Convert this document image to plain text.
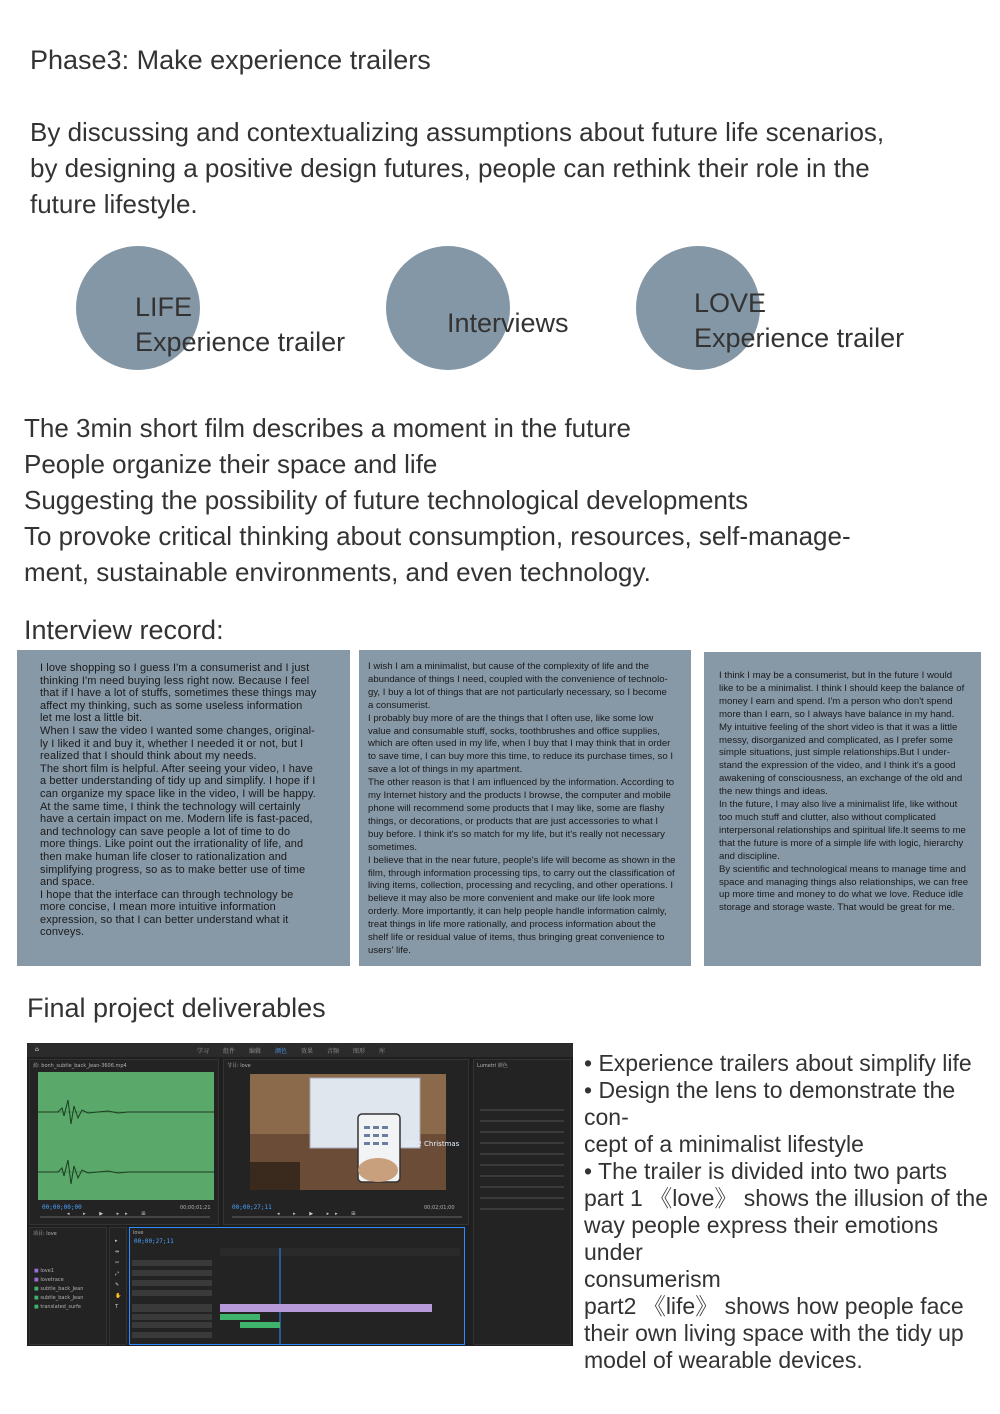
Phase3: Make experience trailers
By discussing and contextualizing assumptions about future life scenarios,
by designing a positive design futures, people can rethink their role in the
future lifestyle.
LIFE
Experience trailer
Interviews
LOVE
Experience trailer
The 3min short film describes a moment in the future
People organize their space and life
Suggesting the possibility of future technological developments
To provoke critical thinking about consumption, resources, self-manage-
ment, sustainable environments, and even technology.
Interview record:

I love shopping so I guess I'm a consumerist and I just

thinking I'm need buying less right now. Because I feel

that if I have a lot of stuffs, sometimes these things may

affect my thinking, such as some useless information

let me lost a little bit.

When I saw the video I wanted some changes, original-

ly I liked it and buy it, whether I needed it or not, but I

realized that I should think about my needs.

The short film is helpful. After seeing your video, I have

a better understanding of tidy up and simplify. I hope if I

can organize my space like in the video, I will be happy.

At the same time, I think the technology will certainly

have a certain impact on me. Modern life is fast-paced,

and technology can save people a lot of time to do

more things. Like point out the irrationality of life, and

then make human life closer to rationalization and

simplifying progress, so as to make better use of time

and space.

I hope that the interface can through technology be

more concise, I mean more intuitive information

expression, so that I can better understand what it

conveys.

I wish I am a minimalist, but cause of the complexity of life and the

abundance of things I need, coupled with the convenience of technolo-

gy, I buy a lot of things that are not particularly necessary, so I become

a consumerist.

I probably buy more of are the things that I often use, like some low

value and consumable stuff, socks, toothbrushes and office supplies,

which are often used in my life, when I buy that I may think that in order

to save time, I can buy more this time, to reduce its purchase times, so I

save a lot of things in my apartment.

The other reason is that I am influenced by the information. According to

my Internet history and the products I browse, the computer and mobile

phone will recommend some products that I may like, some are flashy

things, or decorations, or products that are just accessories to what I

buy before. I think it's so match for my life, but it's really not necessary

sometimes.

I believe that in the near future, people's life will become as shown in the

film, through information processing tips, to carry out the classification of

living items, collection, processing and recycling, and other operations. I

believe it may also be more convenient and make our life look more

orderly. More importantly, it can help people handle information calmly,

treat things in life more rationally, and process information about the

shelf life or residual value of items, thus bringing great convenience to

users' life.

I think I may be a consumerist, but In the future I would

like to be a minimalist. I think I should keep the balance of

money I earn and spend. I'm a person who don't spend

more than I earn, so I always have balance in my hand.

My intuitive feeling of the short video is that it was a little

messy, disorganized and complicated, as I prefer some

simple situations, just simple relationships.But I under-

stand the expression of the video, and I think it's a good

awakening of consciousness, an exchange of the old and

the new things and ideas.

In the future, I may also live a minimalist life, like without

too much stuff and clutter, also without complicated

interpersonal relationships and spiritual life.It seems to me

that the future is more of a simple life with logic, hierarchy

and discipline.

By scientific and technological means to manage time and

space and managing things also relationships, we can free

up more time and money to do what we love. Reduce idle

storage and storage waste. That would be great for me.

Final project deliverables
⌂	学习 组件 编辑 颜色 效果 音频 图形 库
源: bonh_subtle_back_Jean-3606.mp4
00;00;00;00	00;00;01;21
节目: love
2022 Christmas
00;00;27;11	00;02;01;00
◂ ▸ ▶ ▸▸ ⊞	◂ ▸ ▶ ▸▸ ⊞
Lumetri 颜色
项目: love
■ love1
■ lovetrace
■ subtle_back_Jean
■ subtle_back_Jean
■ translated_surfe
▸
⇹
✂
⤢
✎
✋
T
love
00;00;27;11
• Experience trailers about simplify life
• Design the lens to demonstrate the con-
cept of a minimalist lifestyle
• The trailer is divided into two parts
part 1 《love》 shows the illusion of the
way people express their emotions under
consumerism
part2 《life》 shows how people face
their own living space with the tidy up
model of wearable devices.
